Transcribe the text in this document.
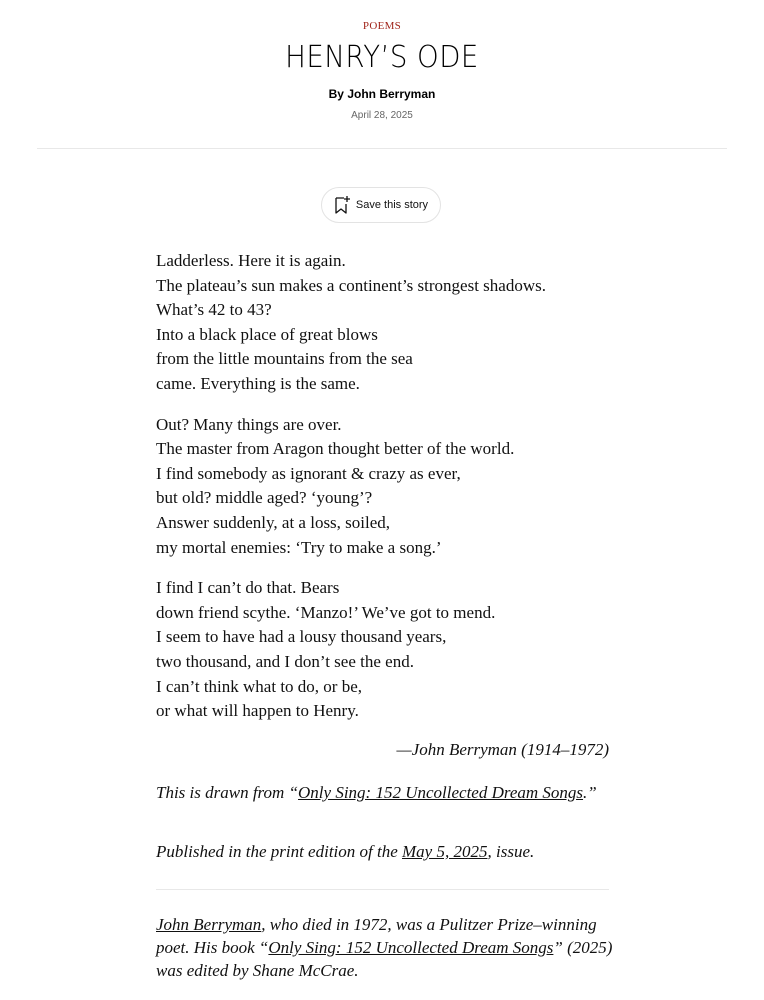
POEMS
HENRY’S ODE
By John Berryman
April 28, 2025
Save this story
Ladderless. Here it is again.
The plateau’s sun makes a continent’s strongest shadows.
What’s 42 to 43?
Into a black place of great blows
from the little mountains from the sea
came. Everything is the same.
Out? Many things are over.
The master from Aragon thought better of the world.
I find somebody as ignorant & crazy as ever,
but old? middle aged? ‘young’?
Answer suddenly, at a loss, soiled,
my mortal enemies: ‘Try to make a song.’
I find I can’t do that. Bears
down friend scythe. ‘Manzo!’ We’ve got to mend.
I seem to have had a lousy thousand years,
two thousand, and I don’t see the end.
I can’t think what to do, or be,
or what will happen to Henry.
—John Berryman (1914–1972)
This is drawn from “Only Sing: 152 Uncollected Dream Songs.”
Published in the print edition of the May 5, 2025, issue.
John Berryman, who died in 1972, was a Pulitzer Prize–winning poet. His book “Only Sing: 152 Uncollected Dream Songs” (2025) was edited by Shane McCrae.
